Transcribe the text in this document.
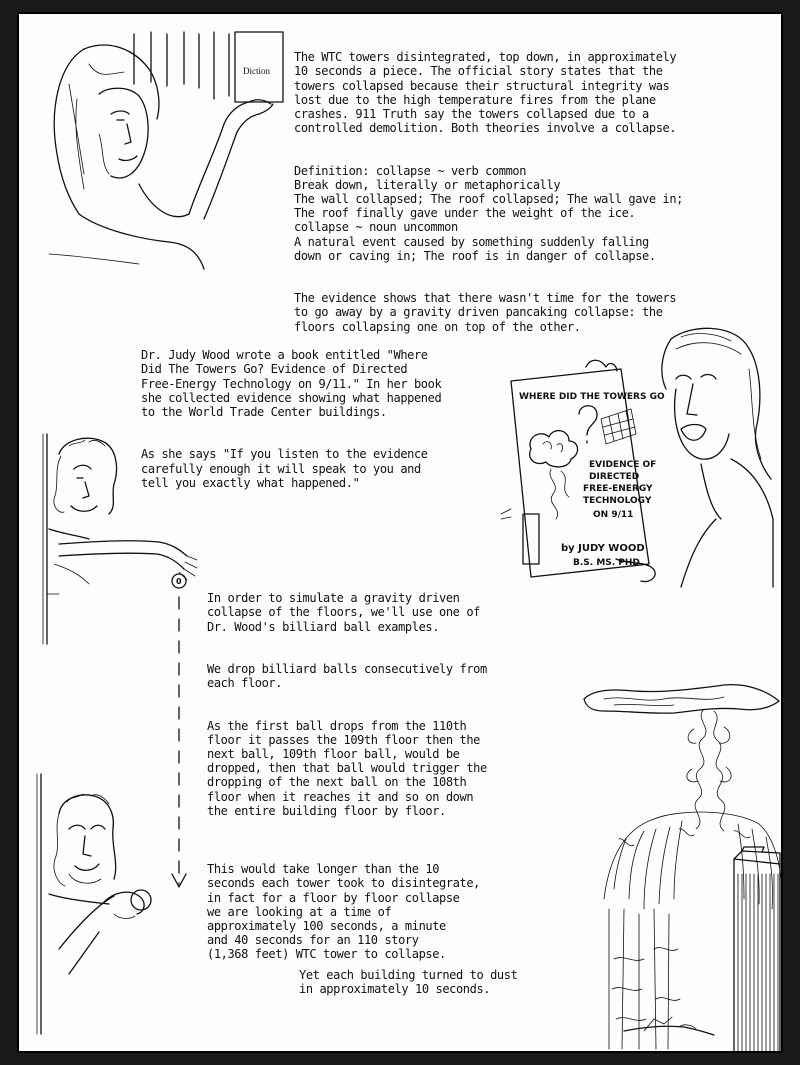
Diction

The WTC towers disintegrated, top down, in approximately
10 seconds a piece. The official story states that the
towers collapsed because their structural integrity was
lost due to the high temperature fires from the plane
crashes. 911 Truth say the towers collapsed due to a
controlled demolition. Both theories involve a collapse.

Definition: collapse ~ verb common
Break down, literally or metaphorically
The wall collapsed; The roof collapsed; The wall gave in;
The roof finally gave under the weight of the ice.
collapse ~ noun uncommon
A natural event caused by something suddenly falling
down or caving in; The roof is in danger of collapse.

The evidence shows that there wasn't time for the towers
to go away by a gravity driven pancaking collapse: the
floors collapsing one on top of the other.

Dr. Judy Wood wrote a book entitled "Where
Did The Towers Go? Evidence of Directed
Free-Energy Technology on 9/11." In her book
she collected evidence showing what happened
to the World Trade Center buildings.

As she says "If you listen to the evidence
carefully enough it will speak to you and
tell you exactly what happened."

WHERE DID THE TOWERS GO
EVIDENCE OF
DIRECTED
FREE-ENERGY
TECHNOLOGY
ON 9/11
by JUDY WOOD
B.S. MS. PHD
0

In order to simulate a gravity driven
collapse of the floors, we'll use one of
Dr. Wood's billiard ball examples.

We drop billiard balls consecutively from
each floor.

As the first ball drops from the 110th
floor it passes the 109th floor then the
next ball, 109th floor ball, would be
dropped, then that ball would trigger the
dropping of the next ball on the 108th
floor when it reaches it and so on down
the entire building floor by floor.

This would take longer than the 10
seconds each tower took to disintegrate,
in fact for a floor by floor collapse
we are looking at a time of
approximately 100 seconds, a minute
and 40 seconds for an 110 story
(1,368 feet) WTC tower to collapse.

Yet each building turned to dust
in approximately 10 seconds.
